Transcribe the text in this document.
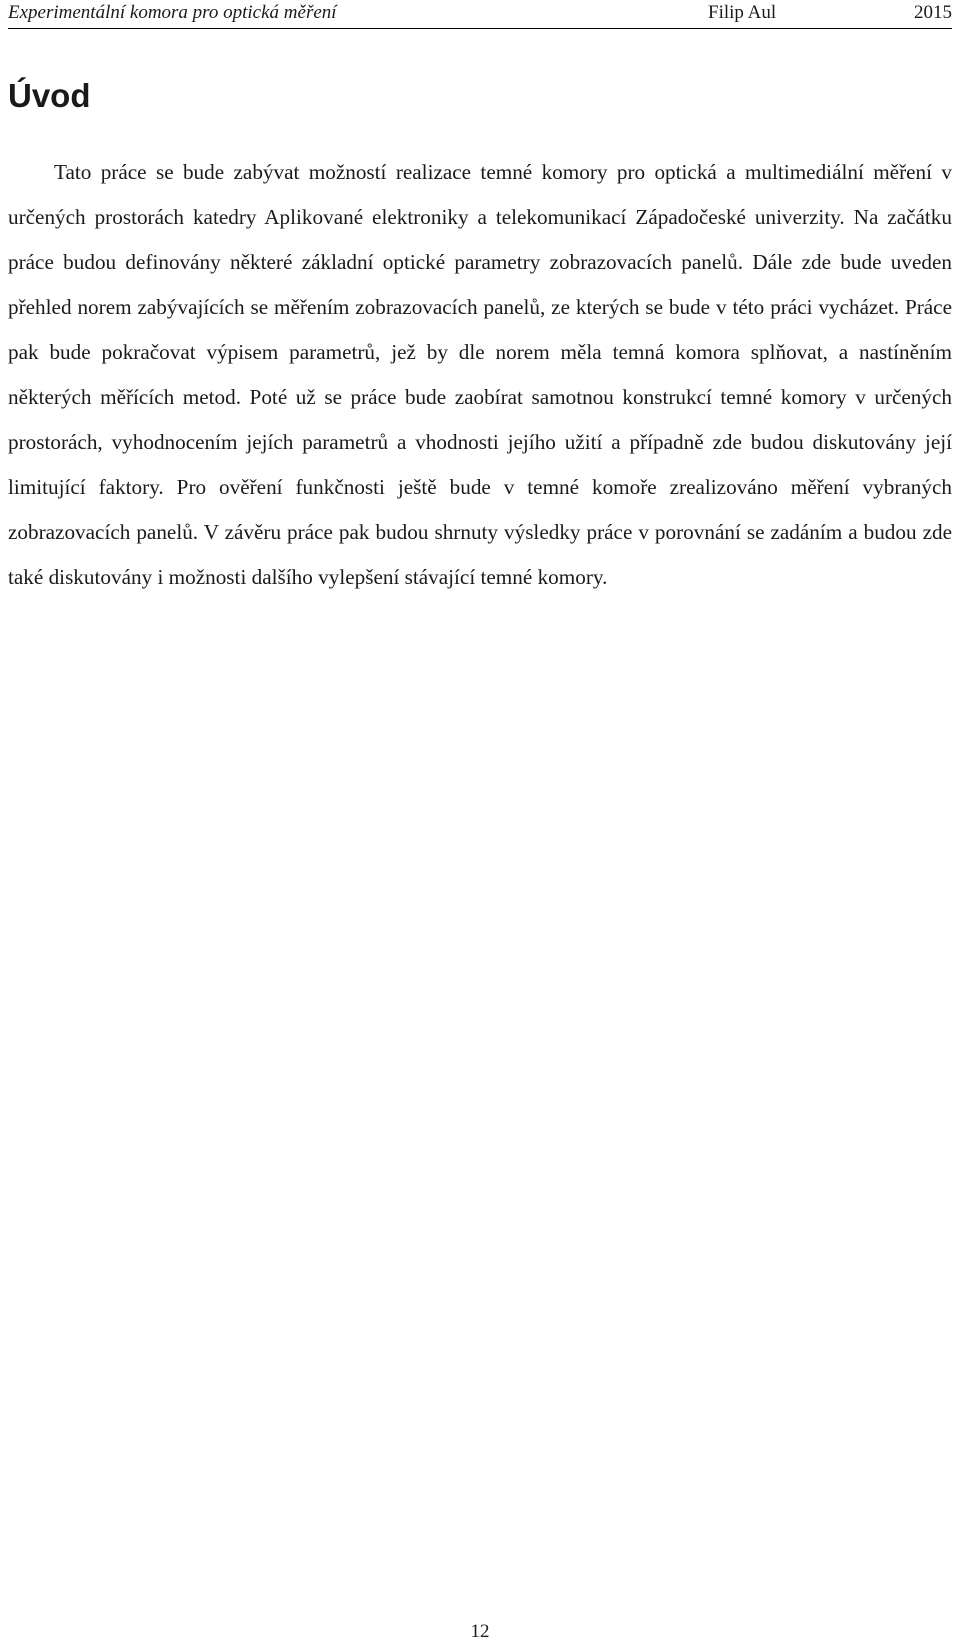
Experimentální komora pro optická měření	Filip Aul	2015
Úvod

Tato práce se bude zabývat možností realizace temné komory pro optická a multimediální měření v určených prostorách katedry Aplikované elektroniky a telekomunikací Západočeské univerzity. Na začátku práce budou definovány některé základní optické parametry zobrazovacích panelů. Dále zde bude uveden přehled norem zabývajících se měřením zobrazovacích panelů, ze kterých se bude v této práci vycházet. Práce pak bude pokračovat výpisem parametrů, jež by dle norem měla temná komora splňovat, a nastíněním některých měřících metod. Poté už se práce bude zaobírat samotnou konstrukcí temné komory v určených prostorách, vyhodnocením jejích parametrů a vhodnosti jejího užití a případně zde budou diskutovány její limitující faktory. Pro ověření funkčnosti ještě bude v temné komoře zrealizováno měření vybraných zobrazovacích panelů. V závěru práce pak budou shrnuty výsledky práce v porovnání se zadáním a budou zde také diskutovány i možnosti dalšího vylepšení stávající temné komory.

12
